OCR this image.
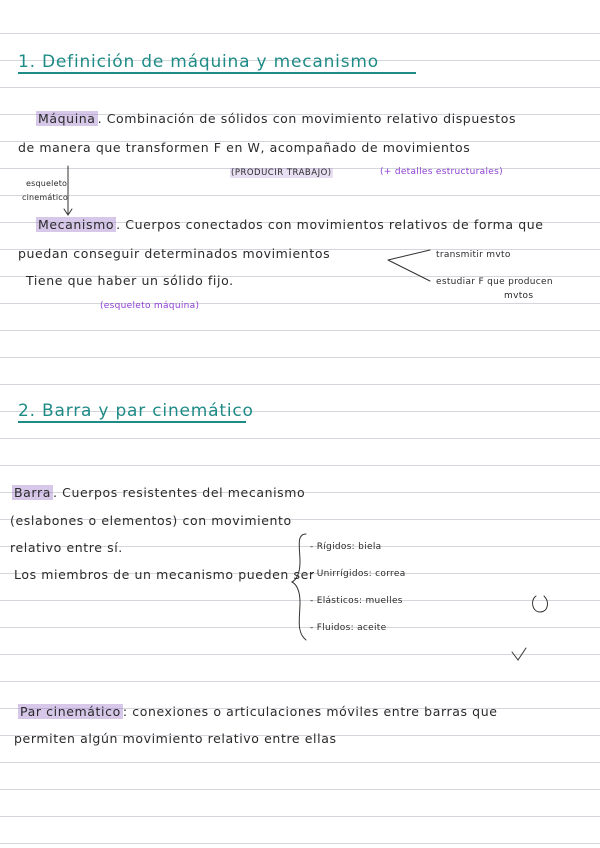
1. Definición de máquina y mecanismo
Máquina . Combinación de sólidos con movimiento relativo dispuestos
de manera que transformen F en W, acompañado de movimientos
(PRODUCIR TRABAJO)	(+ detalles estructurales)
esqueleto
cinemático
Mecanismo . Cuerpos conectados con movimientos relativos de forma que
puedan conseguir determinados movimientos
Tiene que haber un sólido fijo.
transmitir mvto
estudiar F que producen
mvtos
(esqueleto máquina)
2. Barra y par cinemático
Barra . Cuerpos resistentes del mecanismo
(eslabones o elementos) con movimiento
relativo entre sí.
Los miembros de un mecanismo pueden ser
- Rígidos: biela
- Unirrígidos: correa
- Elásticos: muelles
- Fluidos: aceite
Par cinemático : conexiones o articulaciones móviles entre barras que
permiten algún movimiento relativo entre ellas
